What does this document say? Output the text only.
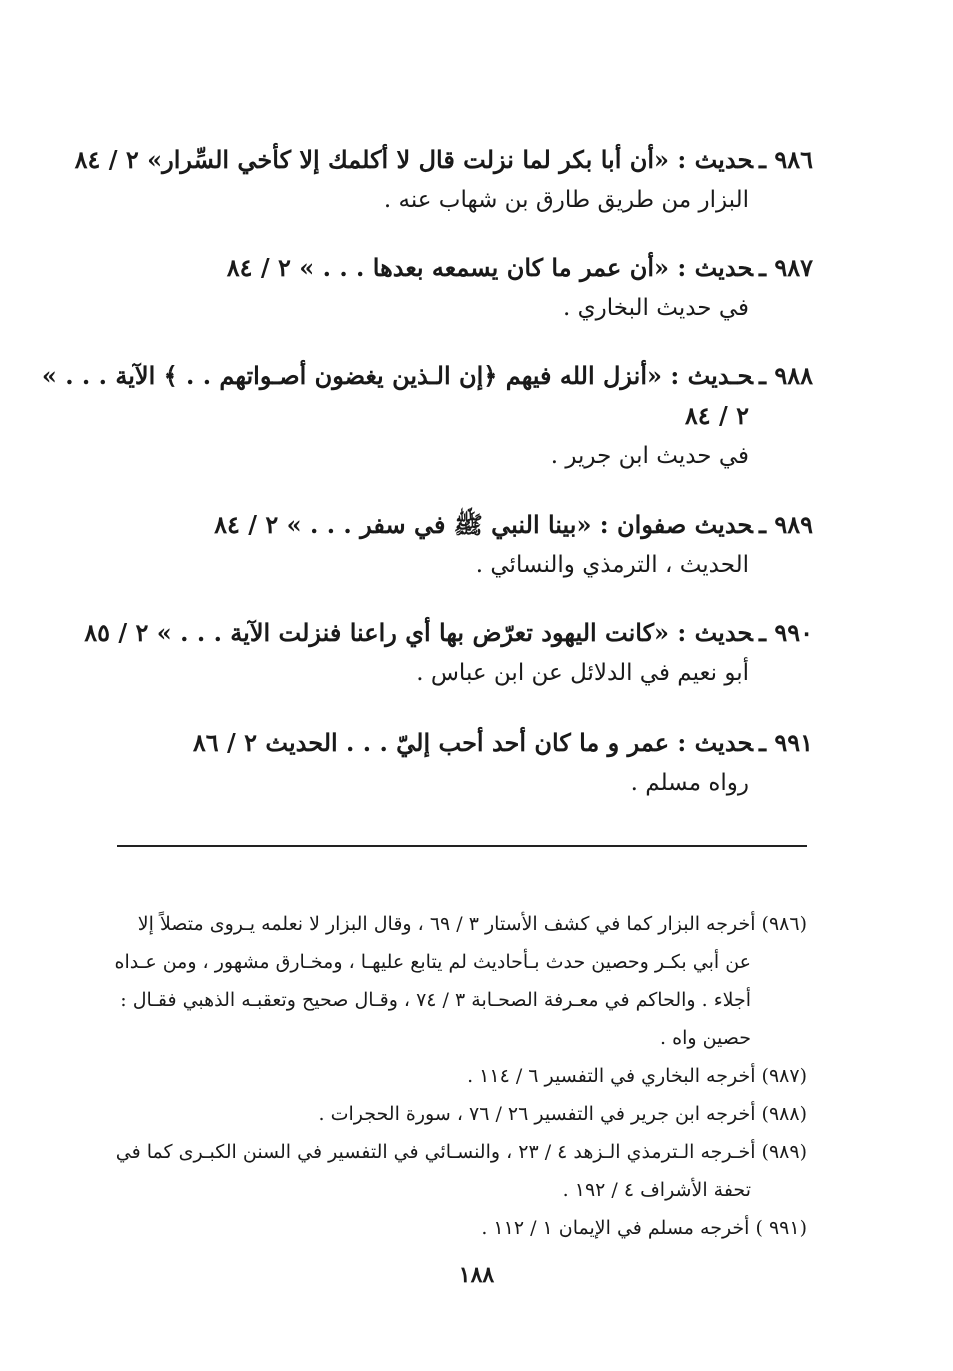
٩٨٦ ـحديث : «أن أبا بكر لما نزلت قال لا أكلمك إلا كأخي السِّرار» ٢ / ٨٤
البزار من طريق طارق بن شهاب عنه .
٩٨٧ ـحديث : «أن عمر ما كان يسمعه بعدها . . . » ٢ / ٨٤
في حديث البخاري .
٩٨٨ ـحـديث : «أنزل الله فيهم ﴿إن الـذين يغضون أصـواتهم . . ﴾ الآية . . . »
٢ / ٨٤
في حديث ابن جرير .
٩٨٩ ـحديث صفوان : «بينا النبي ﷺ في سفر . . . » ٢ / ٨٤
الحديث ، الترمذي والنسائي .
٩٩٠ ـحديث : «كانت اليهود تعرّض بها أي راعنا فنزلت الآية . . . » ٢ / ٨٥
أبو نعيم في الدلائل عن ابن عباس .
٩٩١ ـحديث : عمر و ما كان أحد أحب إليّ . . . الحديث ٢ / ٨٦
رواه مسلم .
(٩٨٦) أخرجه البزار كما في كشف الأستار ٣ / ٦٩ ، وقال البزار لا نعلمه يـروى متصلاً إلا
عن أبي بكـر وحصين حدث بـأحاديث لم يتابع عليهـا ، ومخـارق مشهور ، ومن عـداه
أجلاء . والحاكم في معـرفة الصحـابة ٣ / ٧٤ ، وقـال صحيح وتعقبـه الذهبي فقـال :
حصين واه .
(٩٨٧) أخرجه البخاري في التفسير ٦ / ١١٤ .
(٩٨٨) أخرجه ابن جرير في التفسير ٢٦ / ٧٦ ، سورة الحجرات .
(٩٨٩) أخـرجه الـترمذي الـزهد ٤ / ٢٣ ، والنسـائي في التفسير في السنن الكبـرى كما في
تحفة الأشراف ٤ / ١٩٢ .
(٩٩١ ) أخرجه مسلم في الإيمان ١ / ١١٢ .
١٨٨
